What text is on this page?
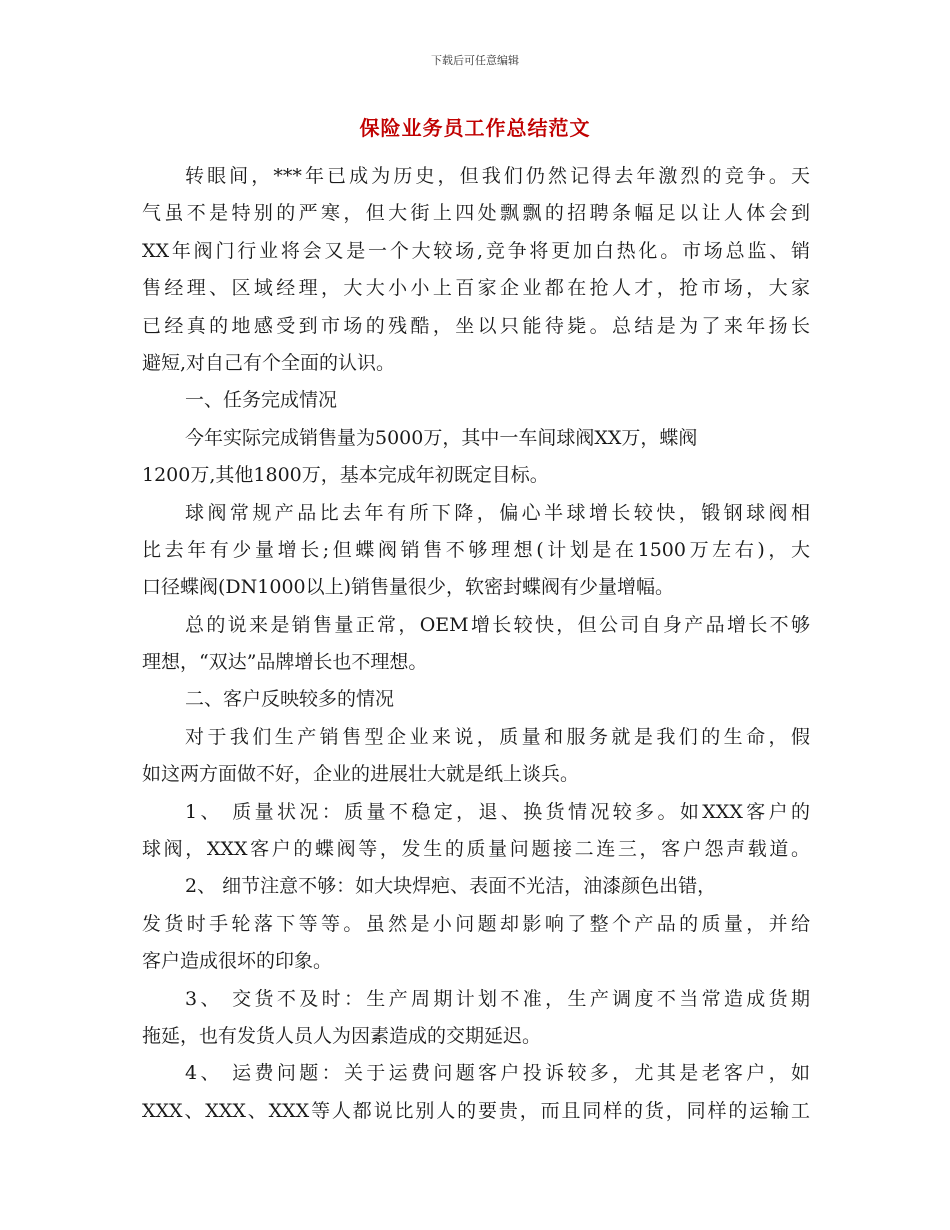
下载后可任意编辑
保险业务员工作总结范文
转眼间，***年已成为历史，但我们仍然记得去年激烈的竞争。天
气虽不是特别的严寒，但大街上四处飘飘的招聘条幅足以让人体会到
XX年阀门行业将会又是一个大较场,竞争将更加白热化。市场总监、销
售经理、区域经理，大大小小上百家企业都在抢人才，抢市场，大家
已经真的地感受到市场的残酷，坐以只能待毙。总结是为了来年扬长
避短,对自己有个全面的认识。
一、任务完成情况
今年实际完成销售量为5000万，其中一车间球阀XX万，蝶阀
1200万,其他1800万，基本完成年初既定目标。
球阀常规产品比去年有所下降，偏心半球增长较快，锻钢球阀相
比去年有少量增长;但蝶阀销售不够理想(计划是在1500万左右)，大
口径蝶阀(DN1000以上)销售量很少，软密封蝶阀有少量增幅。
总的说来是销售量正常，OEM增长较快，但公司自身产品增长不够
理想，“双达”品牌增长也不理想。
二、客户反映较多的情况
对于我们生产销售型企业来说，质量和服务就是我们的生命，假
如这两方面做不好，企业的进展壮大就是纸上谈兵。
1、 质量状况：质量不稳定，退、换货情况较多。如XXX客户的
球阀，XXX客户的蝶阀等，发生的质量问题接二连三，客户怨声载道。
2、 细节注意不够：如大块焊疤、表面不光洁，油漆颜色出错，
发货时手轮落下等等。虽然是小问题却影响了整个产品的质量，并给
客户造成很坏的印象。
3、 交货不及时：生产周期计划不准，生产调度不当常造成货期
拖延，也有发货人员人为因素造成的交期延迟。
4、 运费问题：关于运费问题客户投诉较多，尤其是老客户，如
XXX、XXX、XXX等人都说比别人的要贵，而且同样的货，同样的运输工
